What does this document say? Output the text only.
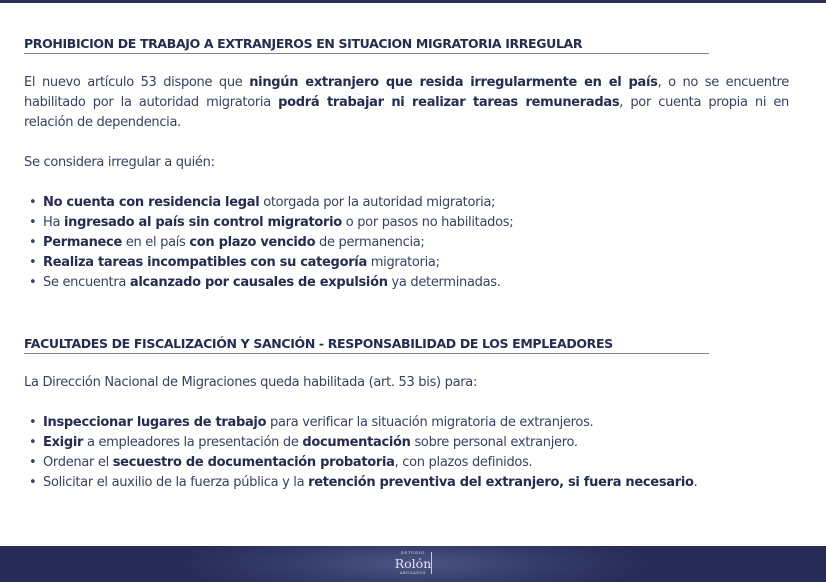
PROHIBICION DE TRABAJO A EXTRANJEROS EN SITUACION MIGRATORIA IRREGULAR

El nuevo artículo 53 dispone que ningún extranjero que resida irregularmente en el país, o no se encuentre habilitado por la autoridad migratoria podrá trabajar ni realizar tareas remuneradas, por cuenta propia ni en relación de dependencia.

Se considera irregular a quién:

• No cuenta con residencia legal otorgada por la autoridad migratoria;
• Ha ingresado al país sin control migratorio o por pasos no habilitados;
• Permanece en el país con plazo vencido de permanencia;
• Realiza tareas incompatibles con su categoría migratoria;
• Se encuentra alcanzado por causales de expulsión ya determinadas.
FACULTADES DE FISCALIZACIÓN Y SANCIÓN - RESPONSABILIDAD DE LOS EMPLEADORES

La Dirección Nacional de Migraciones queda habilitada (art. 53 bis) para:

• Inspeccionar lugares de trabajo para verificar la situación migratoria de extranjeros.
• Exigir a empleadores la presentación de documentación sobre personal extranjero.
• Ordenar el secuestro de documentación probatoria, con plazos definidos.
• Solicitar el auxilio de la fuerza pública y la retención preventiva del extranjero, si fuera necesario.
ESTUDIO
Rolón
ABOGADOS
